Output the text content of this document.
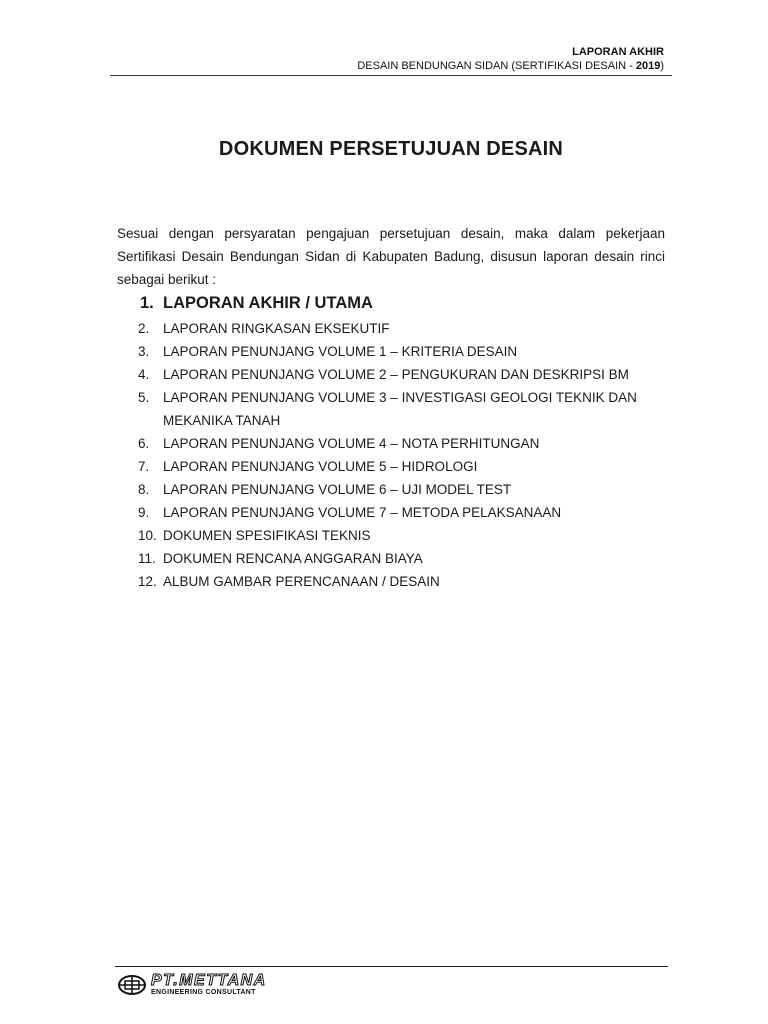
LAPORAN AKHIR
DESAIN BENDUNGAN SIDAN (SERTIFIKASI DESAIN - 2019)
DOKUMEN PERSETUJUAN DESAIN
Sesuai dengan persyaratan pengajuan persetujuan desain, maka dalam pekerjaan Sertifikasi Desain Bendungan Sidan di Kabupaten Badung, disusun laporan desain rinci sebagai berikut :
1. LAPORAN AKHIR / UTAMA
2.	LAPORAN RINGKASAN EKSEKUTIF
3.	LAPORAN PENUNJANG VOLUME 1 – KRITERIA DESAIN
4.	LAPORAN PENUNJANG VOLUME 2 – PENGUKURAN DAN DESKRIPSI BM
5.	LAPORAN PENUNJANG VOLUME 3 – INVESTIGASI GEOLOGI TEKNIK DAN MEKANIKA TANAH
6.	LAPORAN PENUNJANG VOLUME 4 – NOTA PERHITUNGAN
7.	LAPORAN PENUNJANG VOLUME 5 – HIDROLOGI
8.	LAPORAN PENUNJANG VOLUME 6 – UJI MODEL TEST
9.	LAPORAN PENUNJANG VOLUME 7 – METODA PELAKSANAAN
10. DOKUMEN SPESIFIKASI TEKNIS
11. DOKUMEN RENCANA ANGGARAN BIAYA
12. ALBUM GAMBAR PERENCANAAN / DESAIN
PT.METTANA
ENGINEERING CONSULTANT
